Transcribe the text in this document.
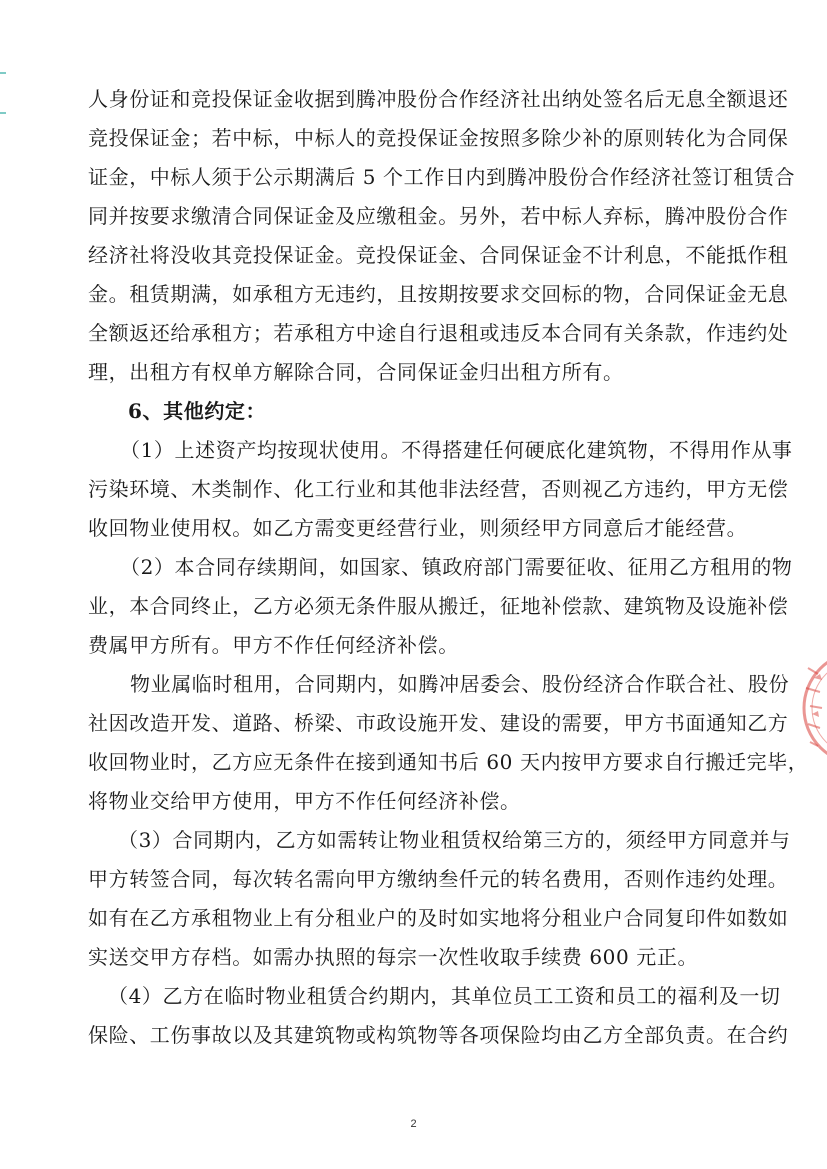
人身份证和竞投保证金收据到腾冲股份合作经济社出纳处签名后无息全额退还
竞投保证金；若中标，中标人的竞投保证金按照多除少补的原则转化为合同保
证金，中标人须于公示期满后 5 个工作日内到腾冲股份合作经济社签订租赁合
同并按要求缴清合同保证金及应缴租金。另外，若中标人弃标，腾冲股份合作
经济社将没收其竞投保证金。竞投保证金、合同保证金不计利息，不能抵作租
金。租赁期满，如承租方无违约，且按期按要求交回标的物，合同保证金无息
全额返还给承租方；若承租方中途自行退租或违反本合同有关条款，作违约处
理，出租方有权单方解除合同，合同保证金归出租方所有。
6、其他约定：
（1）上述资产均按现状使用。不得搭建任何硬底化建筑物，不得用作从事
污染环境、木类制作、化工行业和其他非法经营，否则视乙方违约，甲方无偿
收回物业使用权。如乙方需变更经营行业，则须经甲方同意后才能经营。
（2）本合同存续期间，如国家、镇政府部门需要征收、征用乙方租用的物
业，本合同终止，乙方必须无条件服从搬迁，征地补偿款、建筑物及设施补偿
费属甲方所有。甲方不作任何经济补偿。
物业属临时租用，合同期内，如腾冲居委会、股份经济合作联合社、股份
社因改造开发、道路、桥梁、市政设施开发、建设的需要，甲方书面通知乙方
收回物业时，乙方应无条件在接到通知书后 60 天内按甲方要求自行搬迁完毕，
将物业交给甲方使用，甲方不作任何经济补偿。
（3）合同期内，乙方如需转让物业租赁权给第三方的，须经甲方同意并与
甲方转签合同，每次转名需向甲方缴纳叁仟元的转名费用，否则作违约处理。
如有在乙方承租物业上有分租业户的及时如实地将分租业户合同复印件如数如
实送交甲方存档。如需办执照的每宗一次性收取手续费 600 元正。
（4）乙方在临时物业租赁合约期内，其单位员工工资和员工的福利及一切
保险、工伤事故以及其建筑物或构筑物等各项保险均由乙方全部负责。在合约
2
